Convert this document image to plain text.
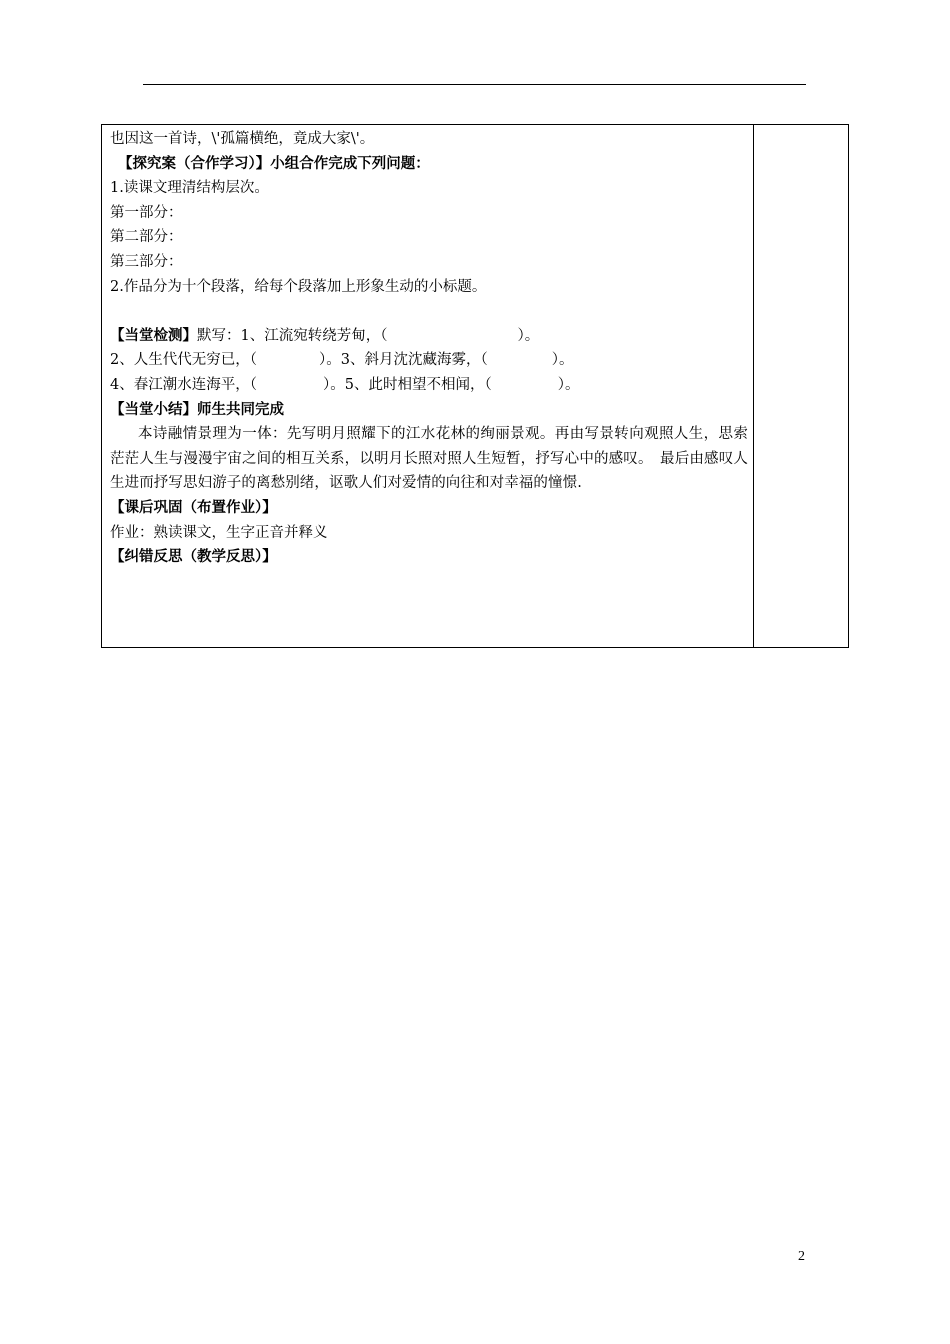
也因这一首诗，\'孤篇横绝，竟成大家\'。
【探究案（合作学习）】小组合作完成下列问题：
1.读课文理清结构层次。
第一部分：
第二部分：
第三部分：
2.作品分为十个段落，给每个段落加上形象生动的小标题。
【当堂检测】默写：1、江流宛转绕芳甸，（	）。
2、人生代代无穷已，（	）。3、斜月沈沈藏海雾，（	）。
4、春江潮水连海平，（	）。5、此时相望不相闻，（	）。
【当堂小结】师生共同完成
本诗融情景理为一体：先写明月照耀下的江水花林的绚丽景观。再由写景转向观照人生，思索茫茫人生与漫漫宇宙之间的相互关系，以明月长照对照人生短暂，抒写心中的感叹。　最后由感叹人生进而抒写思妇游子的离愁别绪，讴歌人们对爱情的向往和对幸福的憧憬.
【课后巩固（布置作业）】
作业：熟读课文，生字正音并释义
【纠错反思（教学反思）】
2
